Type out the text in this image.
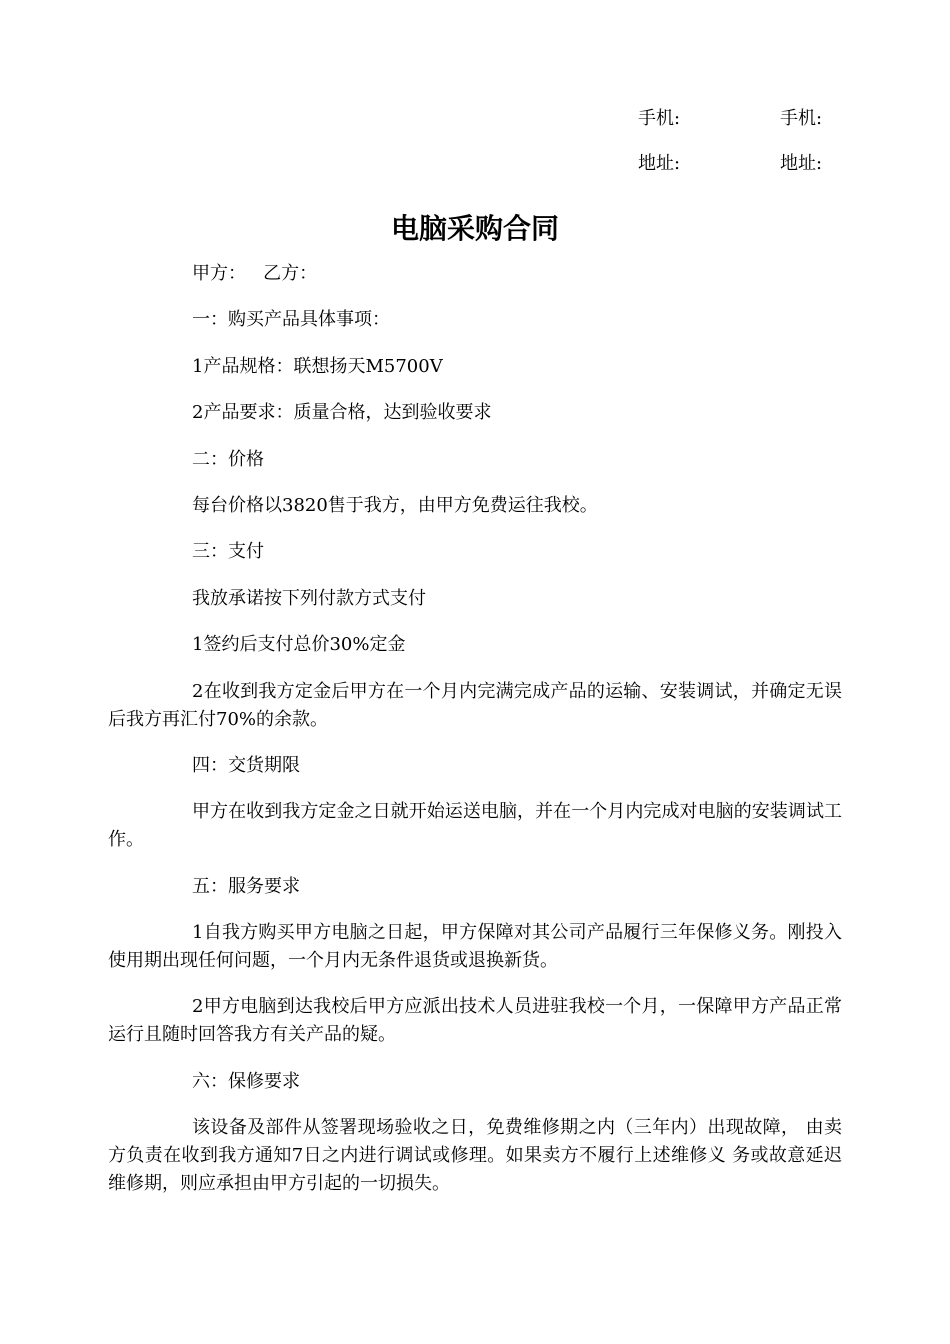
手机:	手机:
地址:	地址:
电脑采购合同

甲方：   乙方：

一：购买产品具体事项：

1产品规格：联想扬天M5700V

2产品要求：质量合格，达到验收要求

二：价格

每台价格以3820售于我方，由甲方免费运往我校。

三：支付

我放承诺按下列付款方式支付

1签约后支付总价30%定金

2在收到我方定金后甲方在一个月内完满完成产品的运输、安装调试，并确定无误后我方再汇付70%的余款。

四：交货期限

甲方在收到我方定金之日就开始运送电脑，并在一个月内完成对电脑的安装调试工作。

五：服务要求

1自我方购买甲方电脑之日起，甲方保障对其公司产品履行三年保修义务。刚投入使用期出现任何问题，一个月内无条件退货或退换新货。

2甲方电脑到达我校后甲方应派出技术人员进驻我校一个月，一保障甲方产品正常运行且随时回答我方有关产品的疑。

六：保修要求

该设备及部件从签署现场验收之日，免费维修期之内（三年内）出现故障， 由卖方负责在收到我方通知7日之内进行调试或修理。如果卖方不履行上述维修义 务或故意延迟维修期，则应承担由甲方引起的一切损失。
